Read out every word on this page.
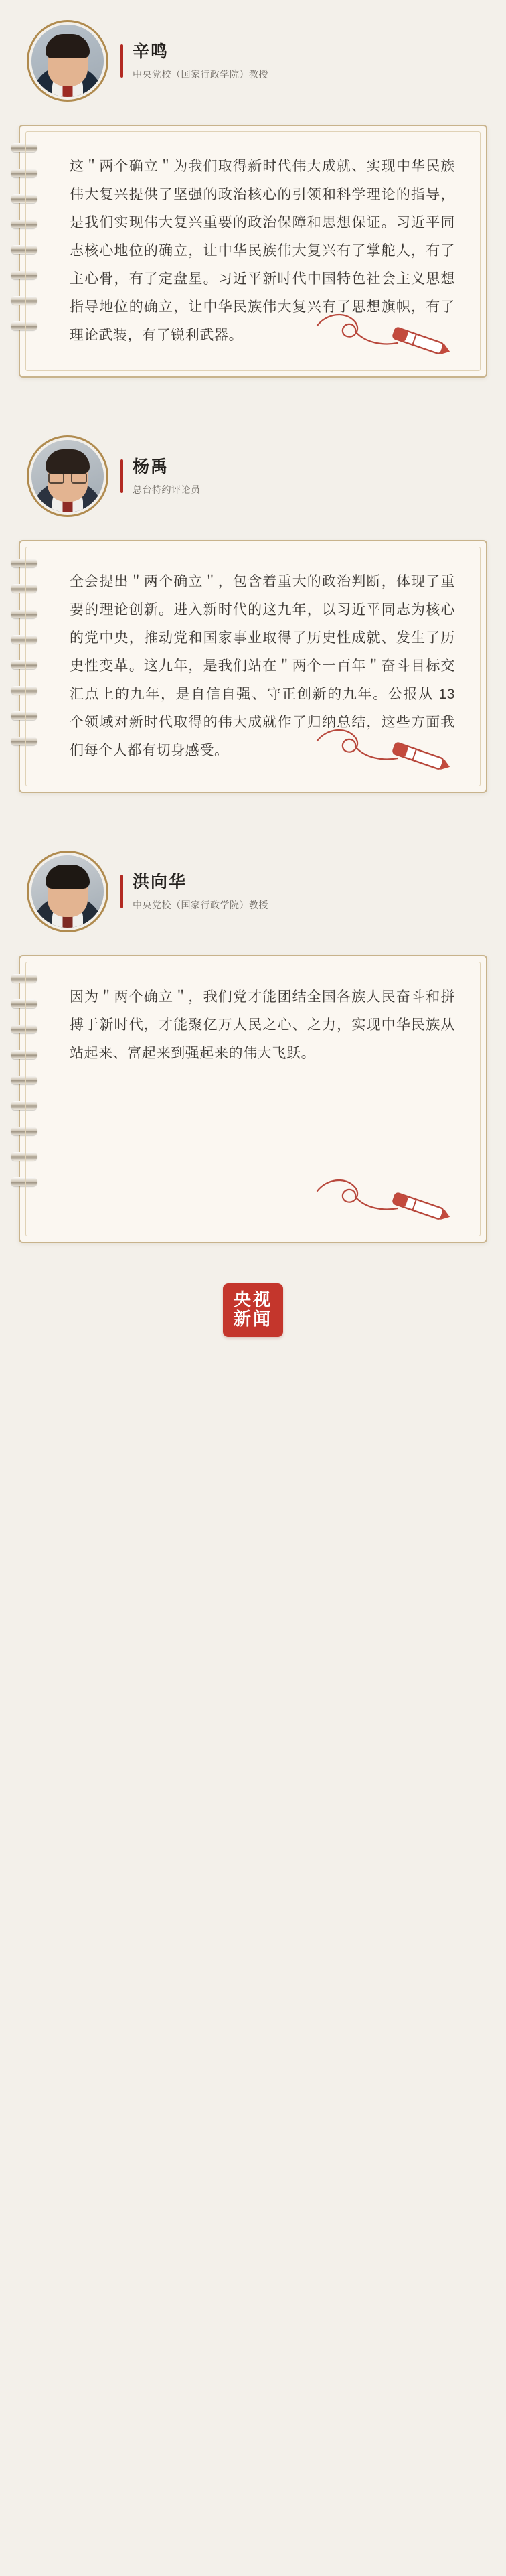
辛鸣
中央党校（国家行政学院）教授
这＂两个确立＂为我们取得新时代伟大成就、实现中华民族伟大复兴提供了坚强的政治核心的引领和科学理论的指导，是我们实现伟大复兴重要的政治保障和思想保证。习近平同志核心地位的确立，让中华民族伟大复兴有了掌舵人，有了主心骨，有了定盘星。习近平新时代中国特色社会主义思想指导地位的确立，让中华民族伟大复兴有了思想旗帜，有了理论武装，有了锐利武器。
杨禹
总台特约评论员
全会提出＂两个确立＂，包含着重大的政治判断，体现了重要的理论创新。进入新时代的这九年，以习近平同志为核心的党中央，推动党和国家事业取得了历史性成就、发生了历史性变革。这九年，是我们站在＂两个一百年＂奋斗目标交汇点上的九年，是自信自强、守正创新的九年。公报从 13 个领域对新时代取得的伟大成就作了归纳总结，这些方面我们每个人都有切身感受。
洪向华
中央党校（国家行政学院）教授
因为＂两个确立＂，我们党才能团结全国各族人民奋斗和拼搏于新时代，才能聚亿万人民之心、之力，实现中华民族从站起来、富起来到强起来的伟大飞跃。
央视
新闻
